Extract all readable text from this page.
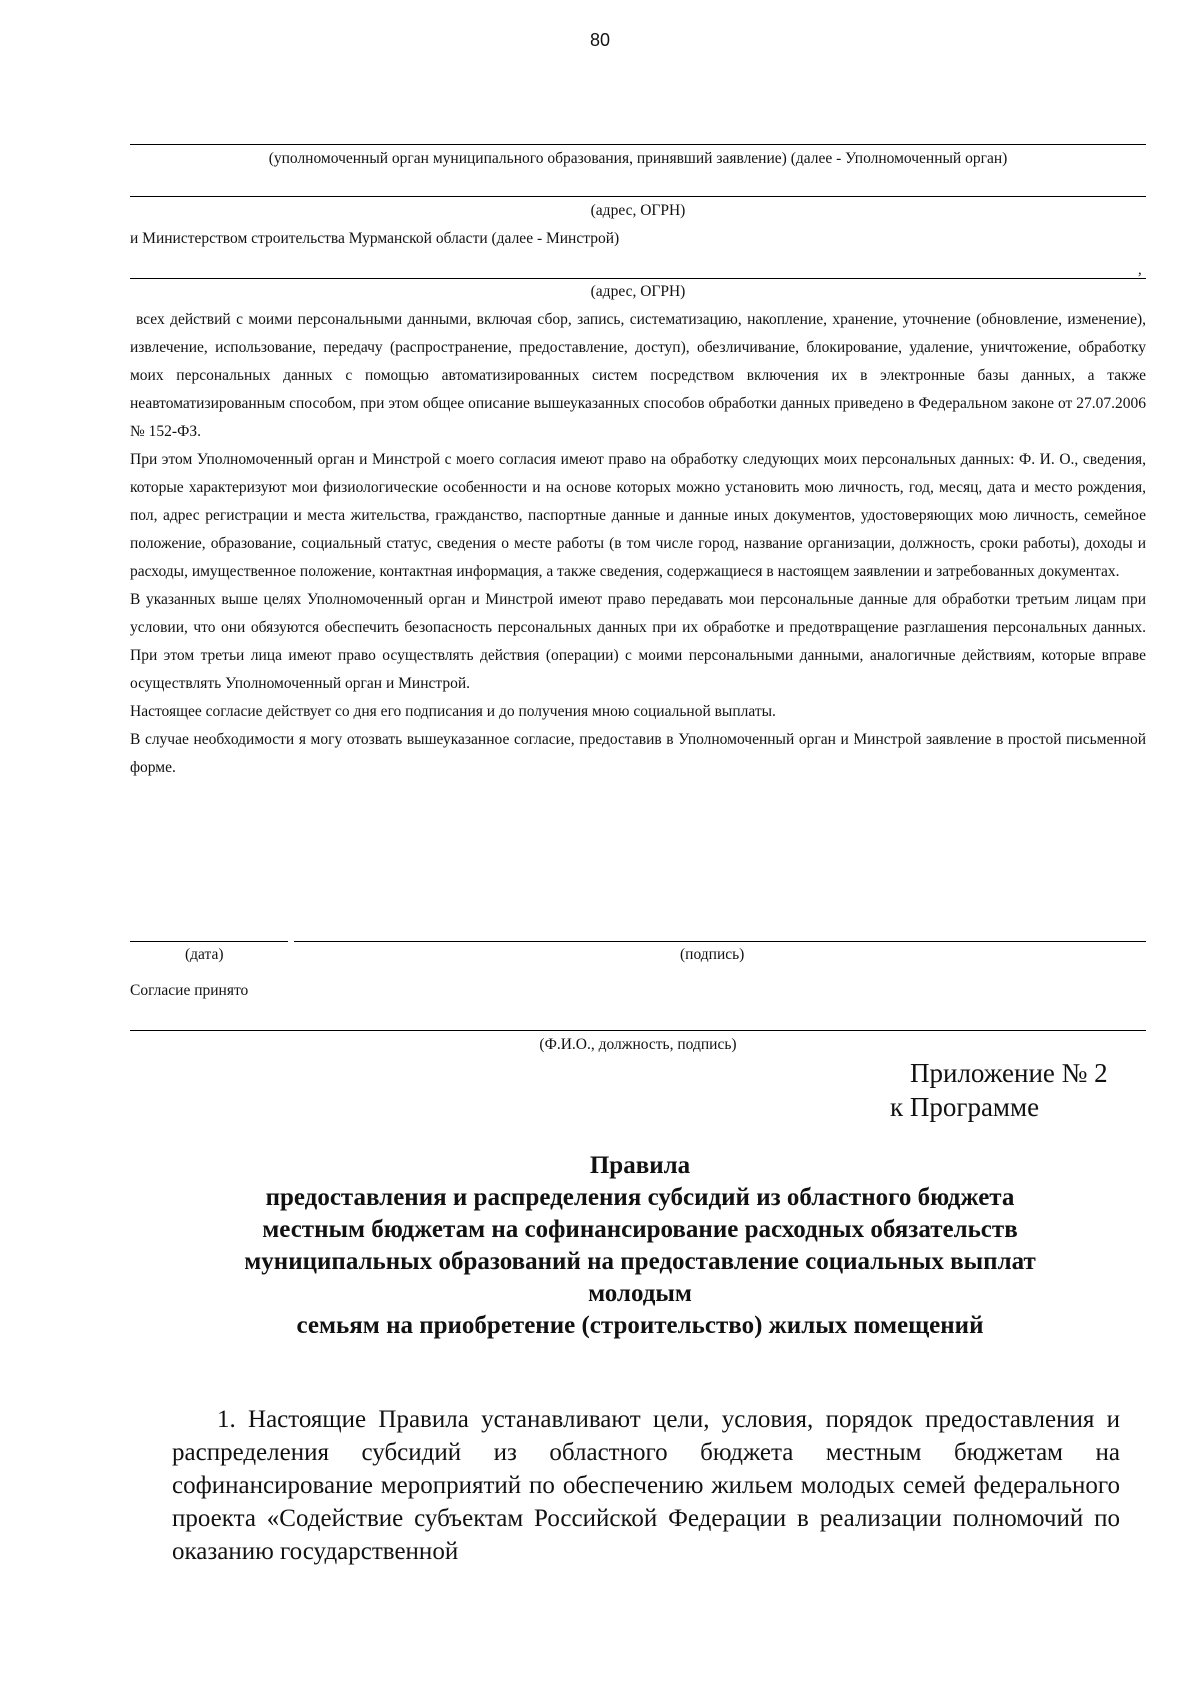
80
(уполномоченный орган муниципального образования, принявший заявление) (далее - Уполномоченный орган)
(адрес, ОГРН)
и Министерством строительства Мурманской области (далее - Минстрой)
,
(адрес, ОГРН)

всех действий с моими персональными данными, включая сбор, запись, систематизацию, накопление, хранение, уточнение (обновление, изменение), извлечение, использование, передачу (распространение, предоставление, доступ), обезличивание, блокирование, удаление, уничтожение, обработку моих персональных данных с помощью автоматизированных систем посредством включения их в электронные базы данных, а также неавтоматизированным способом, при этом общее описание вышеуказанных способов обработки данных приведено в Федеральном законе от 27.07.2006 № 152-ФЗ.

При этом Уполномоченный орган и Минстрой с моего согласия имеют право на обработку следующих моих персональных данных: Ф. И. О., сведения, которые характеризуют мои физиологические особенности и на основе которых можно установить мою личность, год, месяц, дата и место рождения, пол, адрес регистрации и места жительства, гражданство, паспортные данные и данные иных документов, удостоверяющих мою личность, семейное положение, образование, социальный статус, сведения о месте работы (в том числе город, название организации, должность, сроки работы), доходы и расходы, имущественное положение, контактная информация, а также сведения, содержащиеся в настоящем заявлении и затребованных документах.

В указанных выше целях Уполномоченный орган и Минстрой имеют право передавать мои персональные данные для обработки третьим лицам при условии, что они обязуются обеспечить безопасность персональных данных при их обработке и предотвращение разглашения персональных данных. При этом третьи лица имеют право осуществлять действия (операции) с моими персональными данными, аналогичные действиям, которые вправе осуществлять Уполномоченный орган и Минстрой.

Настоящее согласие действует со дня его подписания и до получения мною социальной выплаты.

В случае необходимости я могу отозвать вышеуказанное согласие, предоставив в Уполномоченный орган и Минстрой заявление в простой письменной форме.

(дата)	(подпись)
Согласие принято
(Ф.И.О., должность, подпись)
Приложение № 2
к Программе
Правила
предоставления и распределения субсидий из областного бюджета
местным бюджетам на софинансирование расходных обязательств
муниципальных образований на предоставление социальных выплат
молодым
семьям на приобретение (строительство) жилых помещений
1. Настоящие Правила устанавливают цели, условия, порядок предоставления и распределения субсидий из областного бюджета местным бюджетам на софинансирование мероприятий по обеспечению жильем молодых семей федерального проекта «Содействие субъектам Российской Федерации в реализации полномочий по оказанию государственной
